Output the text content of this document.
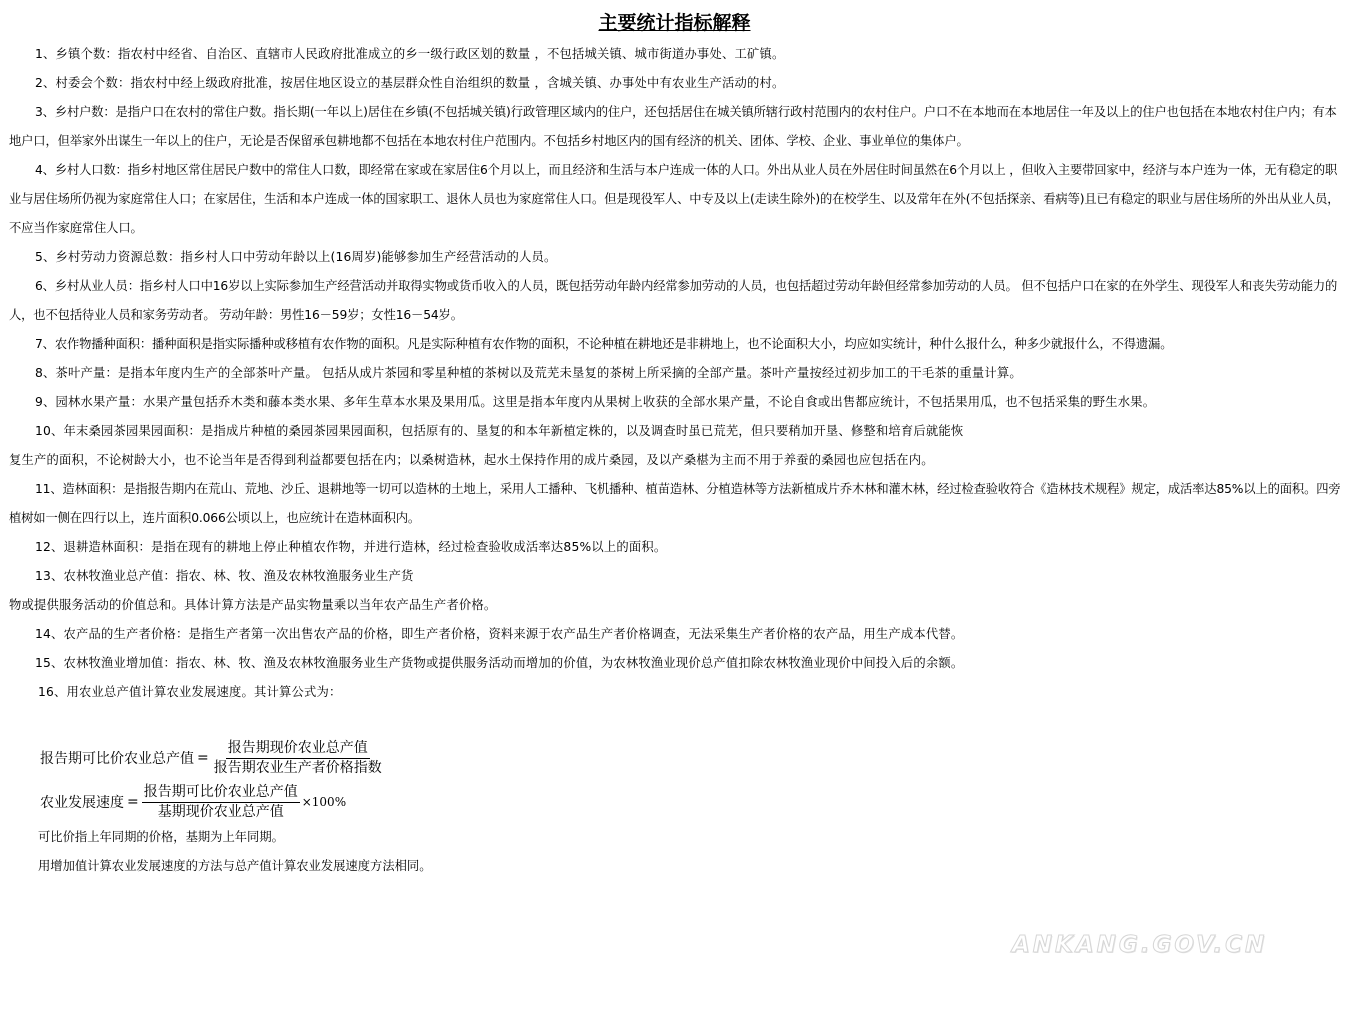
主要统计指标解释

1、乡镇个数：指农村中经省、自治区、直辖市人民政府批准成立的乡一级行政区划的数量 ，不包括城关镇、城市街道办事处、工矿镇。

2、村委会个数：指农村中经上级政府批准，按居住地区设立的基层群众性自治组织的数量 ，含城关镇、办事处中有农业生产活动的村。

3、乡村户数：是指户口在农村的常住户数。指长期(一年以上)居住在乡镇(不包括城关镇)行政管理区域内的住户，还包括居住在城关镇所辖行政村范围内的农村住户。户口不在本地而在本地居住一年及以上的住户也包括在本地农村住户内；有本地户口，但举家外出谋生一年以上的住户，无论是否保留承包耕地都不包括在本地农村住户范围内。不包括乡村地区内的国有经济的机关、团体、学校、企业、事业单位的集体户。

4、乡村人口数：指乡村地区常住居民户数中的常住人口数，即经常在家或在家居住6个月以上，而且经济和生活与本户连成一体的人口。外出从业人员在外居住时间虽然在6个月以上 ，但收入主要带回家中，经济与本户连为一体，无有稳定的职业与居住场所仍视为家庭常住人口；在家居住，生活和本户连成一体的国家职工、退休人员也为家庭常住人口。但是现役军人、中专及以上(走读生除外)的在校学生、以及常年在外(不包括探亲、看病等)且已有稳定的职业与居住场所的外出从业人员，不应当作家庭常住人口。

5、乡村劳动力资源总数：指乡村人口中劳动年龄以上(16周岁)能够参加生产经营活动的人员。

6、乡村从业人员：指乡村人口中16岁以上实际参加生产经营活动并取得实物或货币收入的人员，既包括劳动年龄内经常参加劳动的人员，也包括超过劳动年龄但经常参加劳动的人员。 但不包括户口在家的在外学生、现役军人和丧失劳动能力的人，也不包括待业人员和家务劳动者。 劳动年龄：男性16－59岁；女性16－54岁。

7、农作物播种面积：播种面积是指实际播种或移植有农作物的面积。凡是实际种植有农作物的面积，不论种植在耕地还是非耕地上，也不论面积大小，均应如实统计，种什么报什么，种多少就报什么，不得遗漏。

8、茶叶产量：是指本年度内生产的全部茶叶产量。 包括从成片茶园和零星种植的茶树以及荒芜未垦复的茶树上所采摘的全部产量。茶叶产量按经过初步加工的干毛茶的重量计算。

9、园林水果产量：水果产量包括乔木类和藤本类水果、多年生草本水果及果用瓜。这里是指本年度内从果树上收获的全部水果产量，不论自食或出售都应统计，不包括果用瓜，也不包括采集的野生水果。

10、年末桑园茶园果园面积：是指成片种植的桑园茶园果园面积，包括原有的、垦复的和本年新植定株的，以及调查时虽已荒芜，但只要稍加开垦、修整和培育后就能恢

复生产的面积，不论树龄大小，也不论当年是否得到利益都要包括在内；以桑树造林，起水土保持作用的成片桑园，及以产桑椹为主而不用于养蚕的桑园也应包括在内。

11、造林面积：是指报告期内在荒山、荒地、沙丘、退耕地等一切可以造林的土地上，采用人工播种、飞机播种、植苗造林、分植造林等方法新植成片乔木林和灌木林，经过检查验收符合《造林技术规程》规定，成活率达85%以上的面积。四旁植树如一侧在四行以上，连片面积0.066公顷以上，也应统计在造林面积内。

12、退耕造林面积：是指在现有的耕地上停止种植农作物，并进行造林，经过检查验收成活率达85%以上的面积。

13、农林牧渔业总产值：指农、林、牧、渔及农林牧渔服务业生产货

物或提供服务活动的价值总和。具体计算方法是产品实物量乘以当年农产品生产者价格。

14、农产品的生产者价格：是指生产者第一次出售农产品的价格，即生产者价格，资料来源于农产品生产者价格调查，无法采集生产者价格的农产品，用生产成本代替。

15、农林牧渔业增加值：指农、林、牧、渔及农林牧渔服务业生产货物或提供服务活动而增加的价值，为农林牧渔业现价总产值扣除农林牧渔业现价中间投入后的余额。

16、用农业总产值计算农业发展速度。其计算公式为：

报告期可比价农业总产值 = $\frac{\text{报告期现价农业总产值}}{\text{报告期农业生产者价格指数}}$
农业发展速度 = $\frac{\text{报告期可比价农业总产值}}{\text{基期现价农业总产值}} \times 100\%$
可比价指上年同期的价格，基期为上年同期。
用增加值计算农业发展速度的方法与总产值计算农业发展速度方法相同。
ANKANG.GOV.CN
